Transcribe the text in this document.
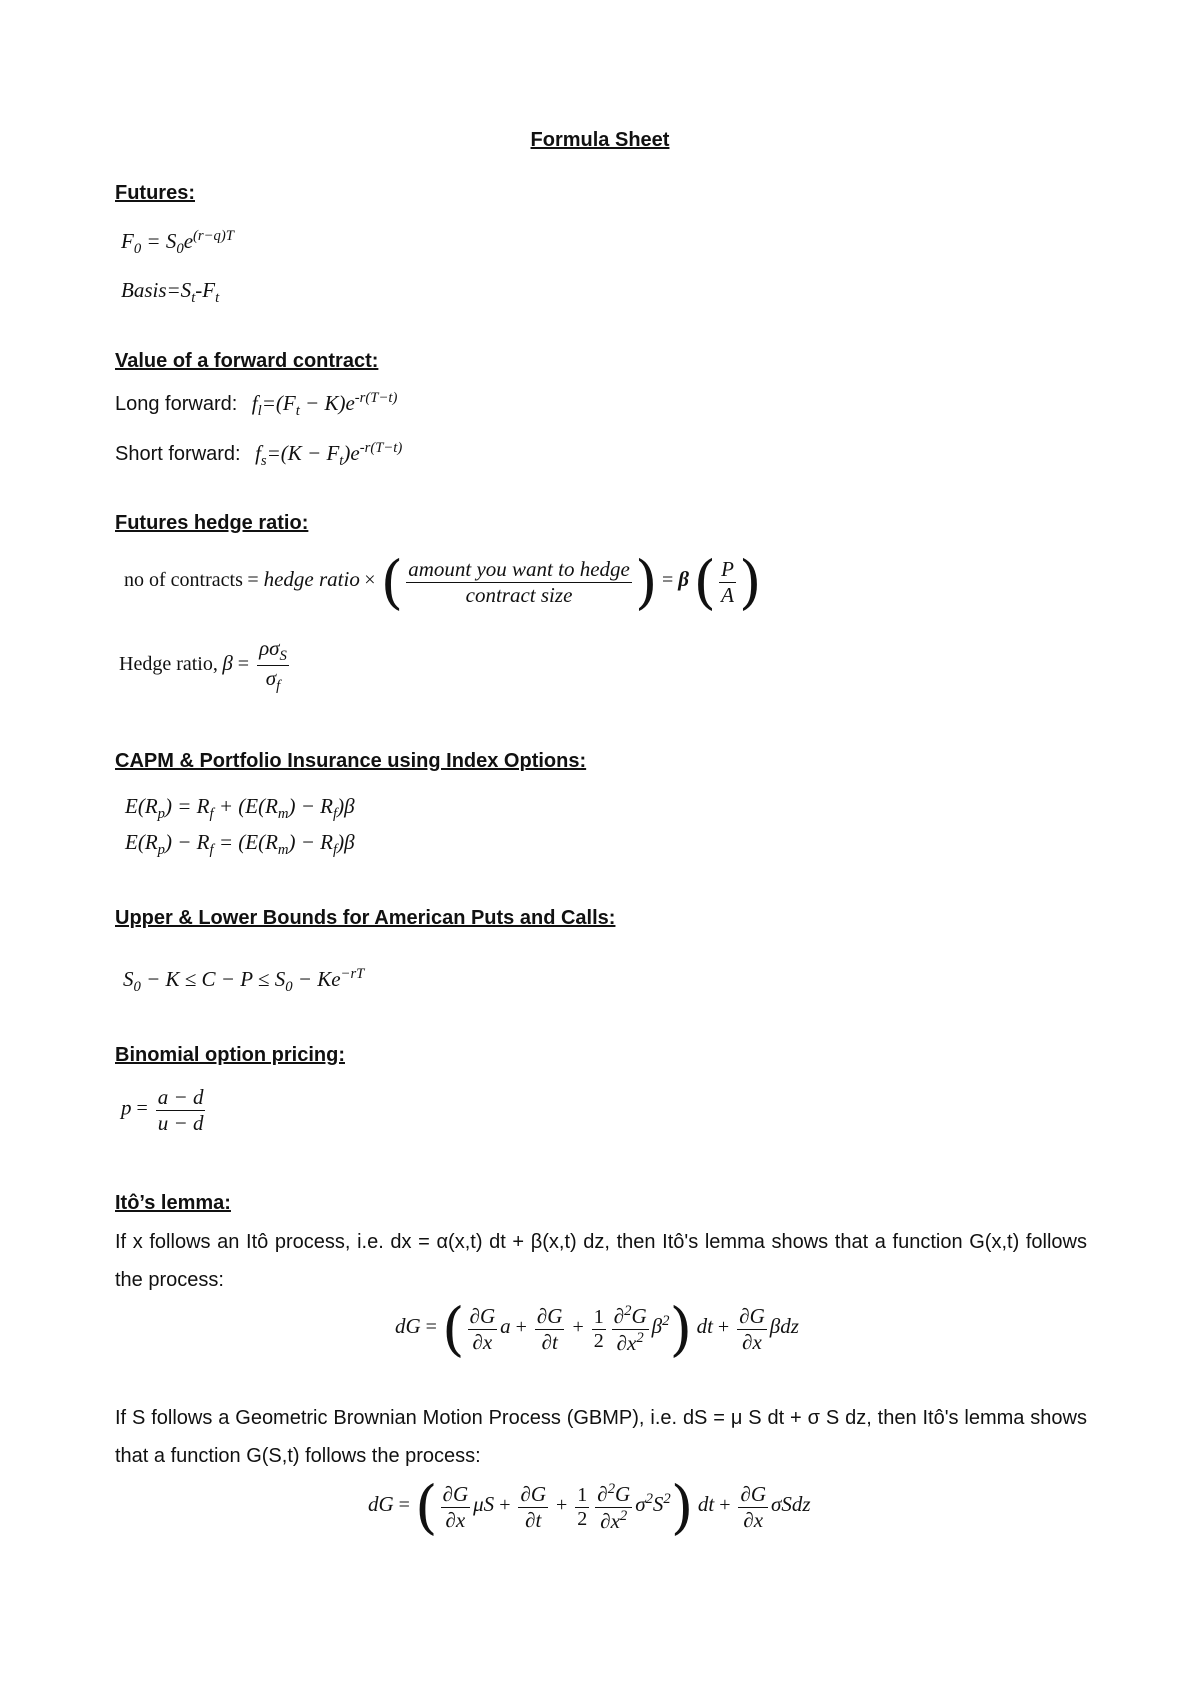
Formula Sheet
Futures:
$F_0 = S_0e^{(r-q)T}$
$Basis=S_t-F_t$
Value of a forward contract:
Long forward: $f_l=(F_t - K)e^{-r(T-t)}$
Short forward: $f_s=(K - F_t)e^{-r(T-t)}$
Futures hedge ratio:
no of contracts = hedge ratio × ( $\frac{\text{amount you want to hedge}}{\text{contract size}}$ ) = β ( $\frac{P}{A}$ )
Hedge ratio, $\beta = \frac{\rho\sigma_S}{\sigma_f}$
CAPM & Portfolio Insurance using Index Options:
$E(R_p) = R_f + (E(R_m) - R_f)\beta$
$E(R_p) - R_f = (E(R_m) - R_f)\beta$
Upper & Lower Bounds for American Puts and Calls:
$S_0 - K \le C - P \le S_0 - Ke^{-rT}$
Binomial option pricing:
$p = \frac{a - d}{u - d}$
Itô’s lemma:
If x follows an Itô process, i.e. dx = α(x,t) dt + β(x,t) dz, then Itô's lemma shows that a function G(x,t) follows the process:
dG = ( $\frac{\partial G}{\partial x}$ $a + \frac{\partial G}{\partial t} + \frac{1}{2} \frac{\partial^2G}{\partial x^2} \beta^2$) dt + $\frac{\partial G}{\partial x}$ βdz
If S follows a Geometric Brownian Motion Process (GBMP), i.e. dS = μ S dt + σ S dz, then Itô's lemma shows that a function G(S,t) follows the process:
dG = ( $\frac{\partial G}{\partial x}$ $\mu S + \frac{\partial G}{\partial t} + \frac{1}{2} \frac{\partial^2G}{\partial x^2} \sigma^2S^2$) dt + $\frac{\partial G}{\partial x}$ σSdz
